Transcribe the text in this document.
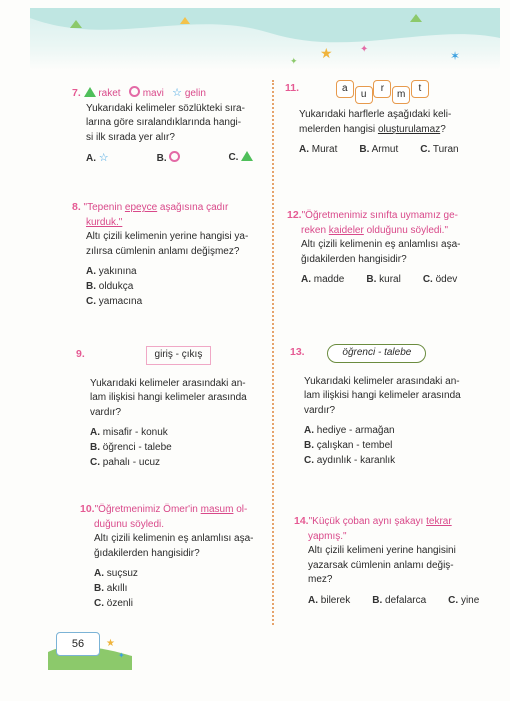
★	✦	✶
✦
7. raket mavi ☆ gelin
Yukarıdaki kelimeler sözlükteki sıra-
larına göre sıralandıklarında hangi-
si ilk sırada yer alır?
A. ☆	B.	C.
8. "Tepenin epeyce aşağısına çadır
kurduk."
Altı çizili kelimenin yerine hangisi ya-
zılırsa cümlenin anlamı değişmez?
A. yakınına
B. oldukça
C. yamacına
9.	giriş - çıkış
Yukarıdaki kelimeler arasındaki an-
lam ilişkisi hangi kelimeler arasında
vardır?
A. misafir - konuk
B. öğrenci - talebe
C. pahalı - ucuz
10."Öğretmenimiz Ömer'in masum ol-
duğunu söyledi.
Altı çizili kelimenin eş anlamlısı aşa-
ğıdakilerden hangisidir?
A. suçsuz
B. akıllı
C. özenli
11.	a u r m t
Yukarıdaki harflerle aşağıdaki keli-
melerden hangisi oluşturulamaz?
A. Murat B. Armut C. Turan
12."Öğretmenimiz sınıfta uymamız ge-
reken kaideler olduğunu söyledi."
Altı çizili kelimenin eş anlamlısı aşa-
ğıdakilerden hangisidir?
A. madde B. kural C. ödev
13.	öğrenci - talebe
Yukarıdaki kelimeler arasındaki an-
lam ilişkisi hangi kelimeler arasında
vardır?
A. hediye - armağan
B. çalışkan - tembel
C. aydınlık - karanlık
14."Küçük çoban aynı şakayı tekrar
yapmış."
Altı çizili kelimeni yerine hangisini
yazarsak cümlenin anlamı değiş-
mez?
A. bilerek B. defalarca C. yine
★
✦
56
